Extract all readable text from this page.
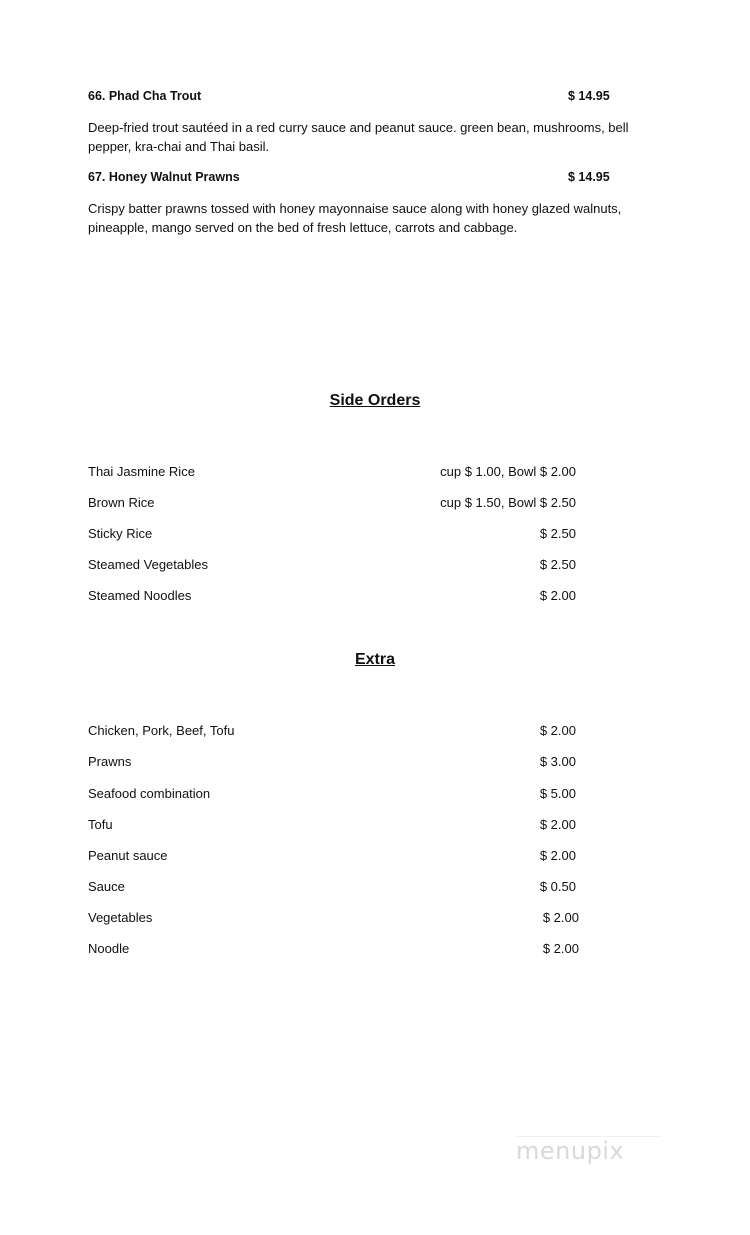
66. Phad Cha Trout	$ 14.95
Deep-fried trout sautéed in a red curry sauce and peanut sauce. green bean, mushrooms, bell pepper, kra-chai and Thai basil.
67. Honey Walnut Prawns	$ 14.95
Crispy batter prawns tossed with honey mayonnaise sauce along with honey glazed walnuts, pineapple, mango served on the bed of fresh lettuce, carrots and cabbage.
Side Orders
Thai Jasmine Rice	cup $ 1.00, Bowl $ 2.00
Brown Rice	cup $ 1.50, Bowl $ 2.50
Sticky Rice	$ 2.50
Steamed Vegetables	$ 2.50
Steamed Noodles	$ 2.00
Extra
Chicken, Pork, Beef, Tofu	$ 2.00
Prawns	$ 3.00
Seafood combination	$ 5.00
Tofu	$ 2.00
Peanut sauce	$ 2.00
Sauce	$ 0.50
Vegetables	$ 2.00
Noodle	$ 2.00
menupix
